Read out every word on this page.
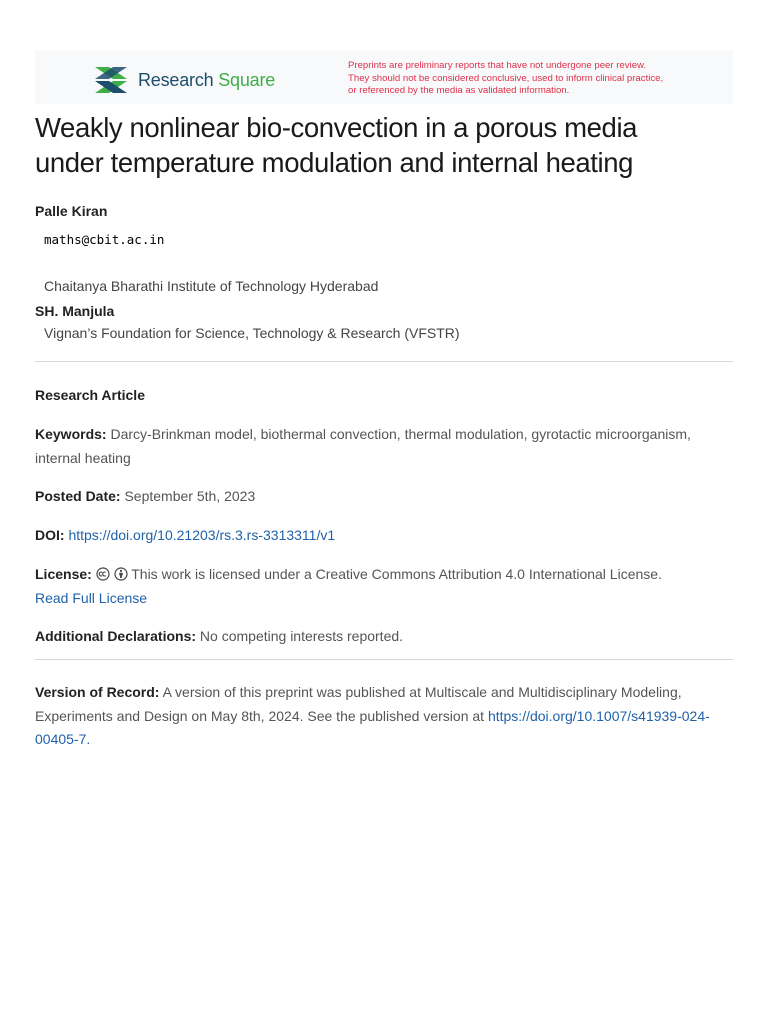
Research Square
Preprints are preliminary reports that have not undergone peer review.
They should not be considered conclusive, used to inform clinical practice,
or referenced by the media as validated information.
Weakly nonlinear bio-convection in a porous media
under temperature modulation and internal heating
Palle Kiran
maths@cbit.ac.in
Chaitanya Bharathi Institute of Technology Hyderabad
SH. Manjula
Vignan’s Foundation for Science, Technology & Research (VFSTR)
Research Article
Keywords: Darcy-Brinkman model, biothermal convection, thermal modulation, gyrotactic microorganism, internal heating
Posted Date: September 5th, 2023
DOI: https://doi.org/10.21203/rs.3.rs-3313311/v1
License:	This work is licensed under a Creative Commons Attribution 4.0 International License.
Read Full License
Additional Declarations: No competing interests reported.
Version of Record: A version of this preprint was published at Multiscale and Multidisciplinary Modeling, Experiments and Design on May 8th, 2024. See the published version at https://doi.org/10.1007/s41939-024-00405-7.
